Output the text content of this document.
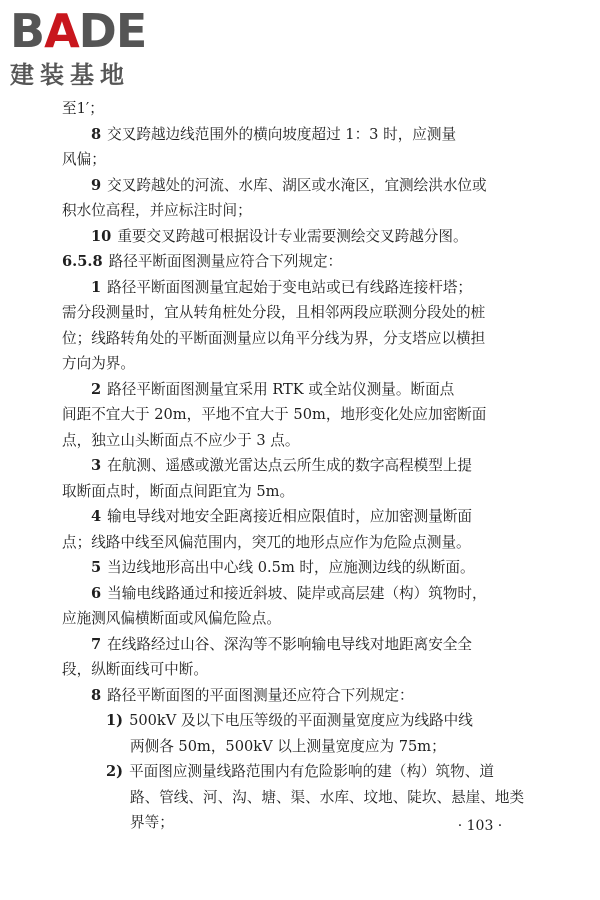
BADE
建装基地
至1′；
8 交叉跨越边线范围外的横向坡度超过 1：3 时，应测量
风偏；
9 交叉跨越处的河流、水库、湖区或水淹区，宜测绘洪水位或
积水位高程，并应标注时间；
10 重要交叉跨越可根据设计专业需要测绘交叉跨越分图。
6.5.8 路径平断面图测量应符合下列规定：
1 路径平断面图测量宜起始于变电站或已有线路连接杆塔；
需分段测量时，宜从转角桩处分段，且相邻两段应联测分段处的桩
位；线路转角处的平断面测量应以角平分线为界，分支塔应以横担
方向为界。
2 路径平断面图测量宜采用 RTK 或全站仪测量。断面点
间距不宜大于 20m，平地不宜大于 50m，地形变化处应加密断面
点，独立山头断面点不应少于 3 点。
3 在航测、遥感或激光雷达点云所生成的数字高程模型上提
取断面点时，断面点间距宜为 5m。
4 输电导线对地安全距离接近相应限值时，应加密测量断面
点；线路中线至风偏范围内，突兀的地形点应作为危险点测量。
5 当边线地形高出中心线 0.5m 时，应施测边线的纵断面。
6 当输电线路通过和接近斜坡、陡岸或高层建（构）筑物时，
应施测风偏横断面或风偏危险点。
7 在线路经过山谷、深沟等不影响输电导线对地距离安全全
段，纵断面线可中断。
8 路径平断面图的平面图测量还应符合下列规定：
1) 500kV 及以下电压等级的平面测量宽度应为线路中线
两侧各 50m，500kV 以上测量宽度应为 75m；
2) 平面图应测量线路范围内有危险影响的建（构）筑物、道
路、管线、河、沟、塘、渠、水库、坟地、陡坎、悬崖、地类
界等；	· 103 ·
